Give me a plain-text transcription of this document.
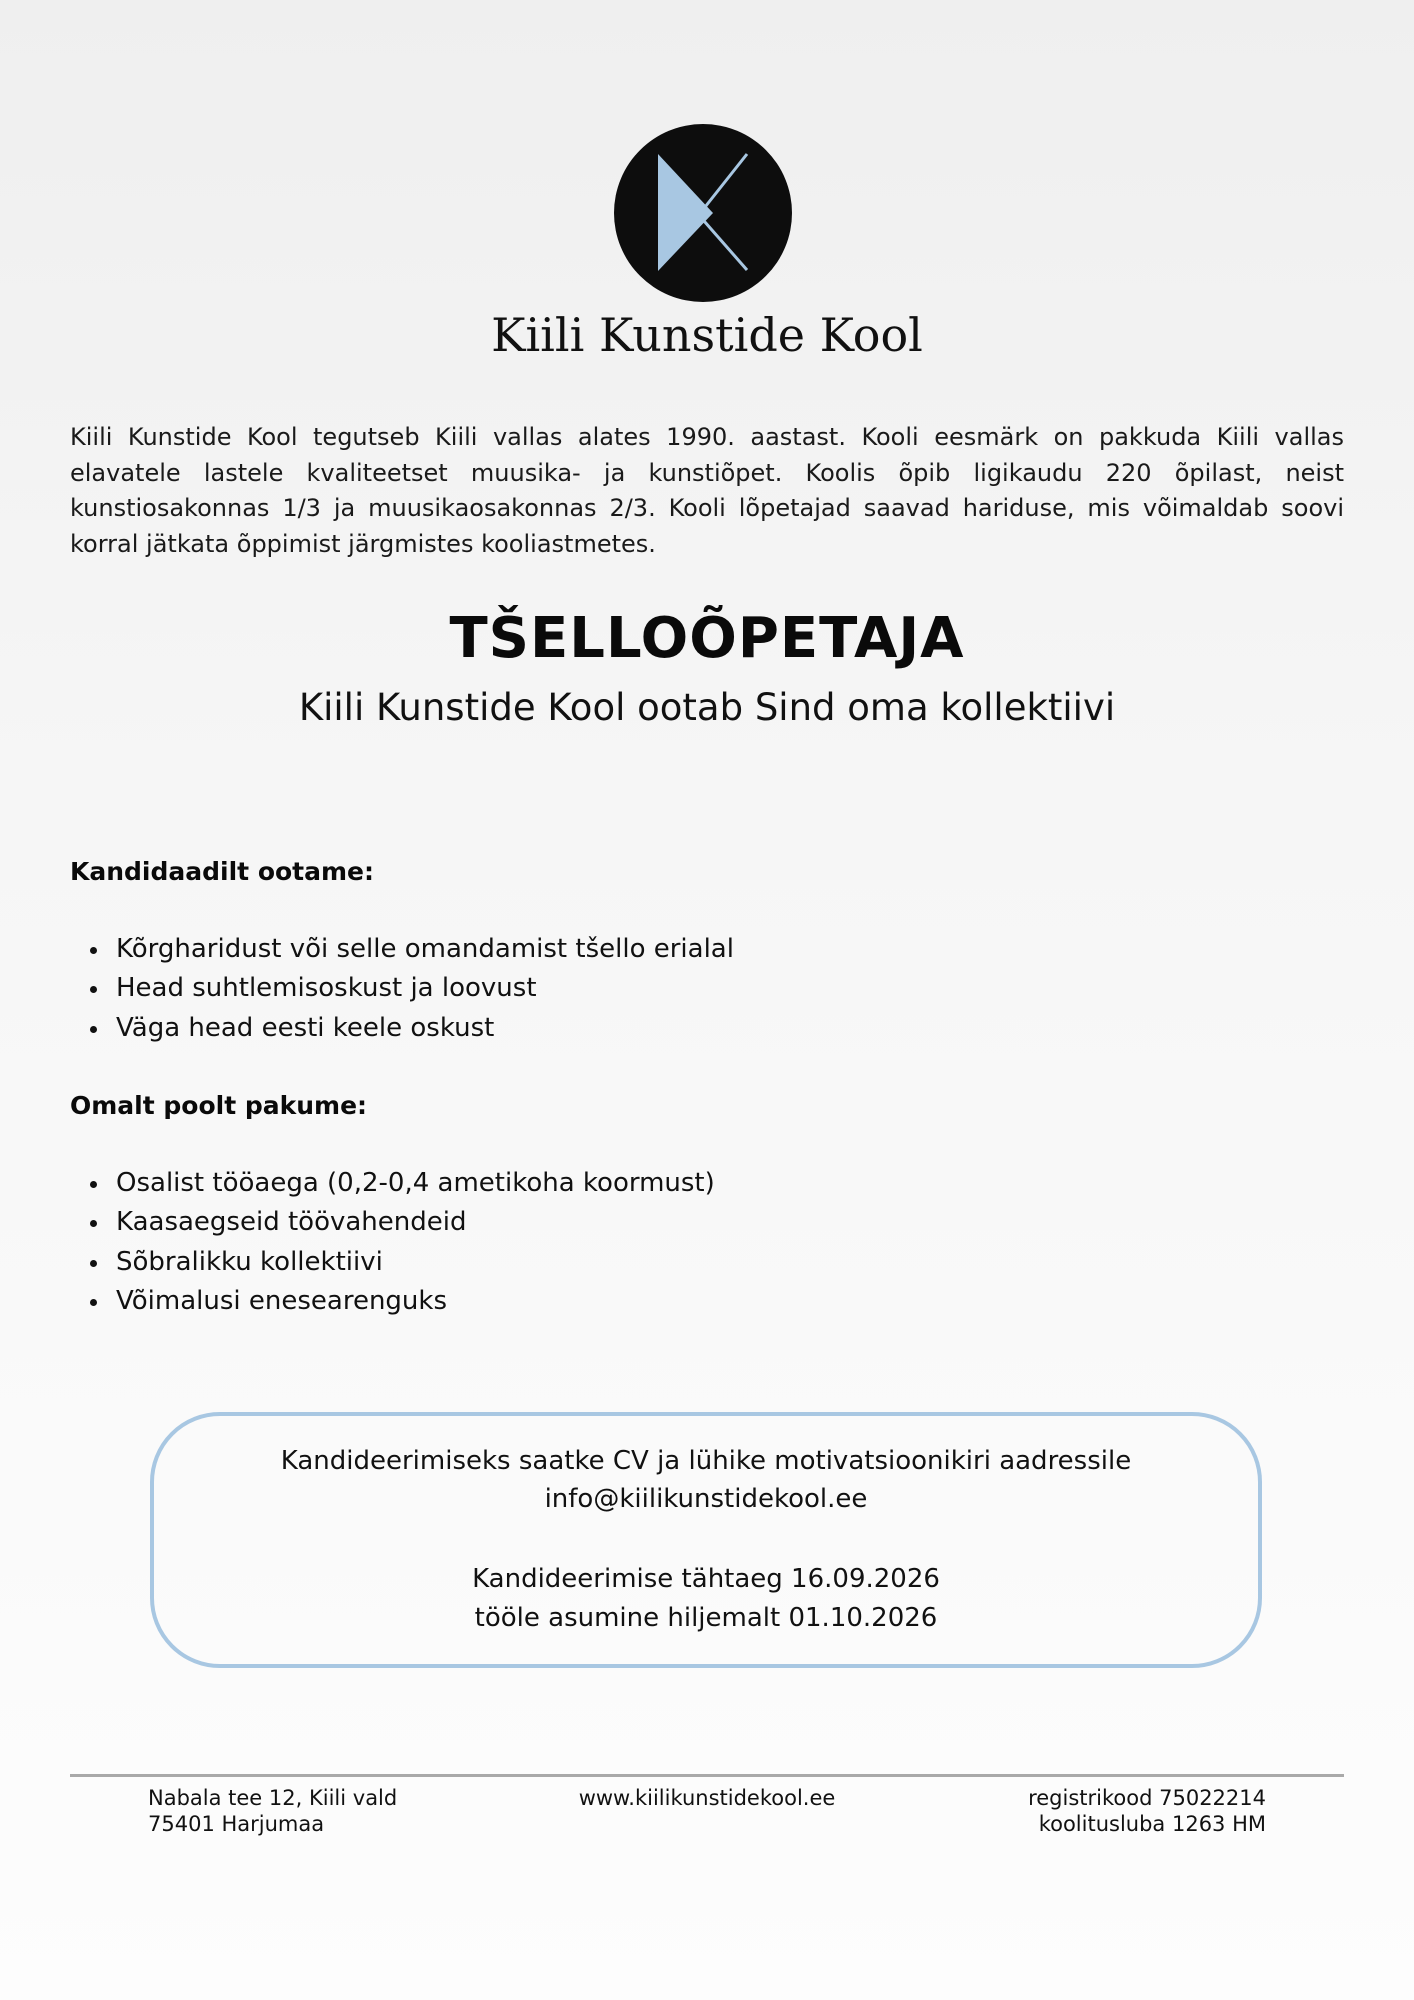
Kiili Kunstide Kool
Kiili Kunstide Kool tegutseb Kiili vallas alates 1990. aastast. Kooli eesmärk on pakkuda Kiili vallas elavatele lastele kvaliteetset muusika- ja kunstiõpet. Koolis õpib ligikaudu 220 õpilast, neist kunstiosakonnas 1/3 ja muusikaosakonnas 2/3. Kooli lõpetajad saavad hariduse, mis võimaldab soovi korral jätkata õppimist järgmistes kooliastmetes.
TŠELLOÕPETAJA
Kiili Kunstide Kool ootab Sind oma kollektiivi
Kandidaadilt ootame:
Kõrgharidust või selle omandamist tšello erialal
Head suhtlemisoskust ja loovust
Väga head eesti keele oskust
Omalt poolt pakume:
Osalist tööaega (0,2-0,4 ametikoha koormust)
Kaasaegseid töövahendeid
Sõbralikku kollektiivi
Võimalusi enesearenguks
Kandideerimiseks saatke CV ja lühike motivatsioonikiri aadressile
info@kiilikunstidekool.ee
Kandideerimise tähtaeg 16.09.2026
tööle asumine hiljemalt 01.10.2026
Nabala tee 12, Kiili vald
75401 Harjumaa
www.kiilikunstidekool.ee	registrikood 75022214
koolitusluba 1263 HM
